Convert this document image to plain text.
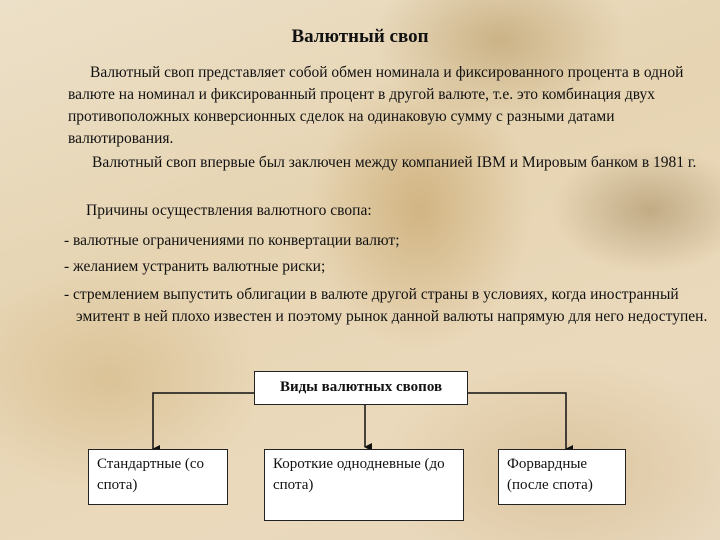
Валютный своп
Валютный своп представляет собой обмен номинала и фиксированного процента в одной валюте на номинал и фиксированный процент в другой валюте, т.е. это комбинация двух противоположных конверсионных сделок на одинаковую сумму с разными датами валютирования.
Валютный своп впервые был заключен между компанией IBM и Мировым банком в 1981 г.
Причины осуществления валютного свопа:
- валютные ограничениями по конвертации валют;
- желанием устранить валютные риски;
- стремлением выпустить облигации в валюте другой страны в условиях, когда иностранный эмитент в ней плохо известен и поэтому рынок данной валюты напрямую для него недоступен.
Виды валютных свопов
Стандартные (со спота)
Короткие однодневные (до спота)
Форвардные (после спота)
